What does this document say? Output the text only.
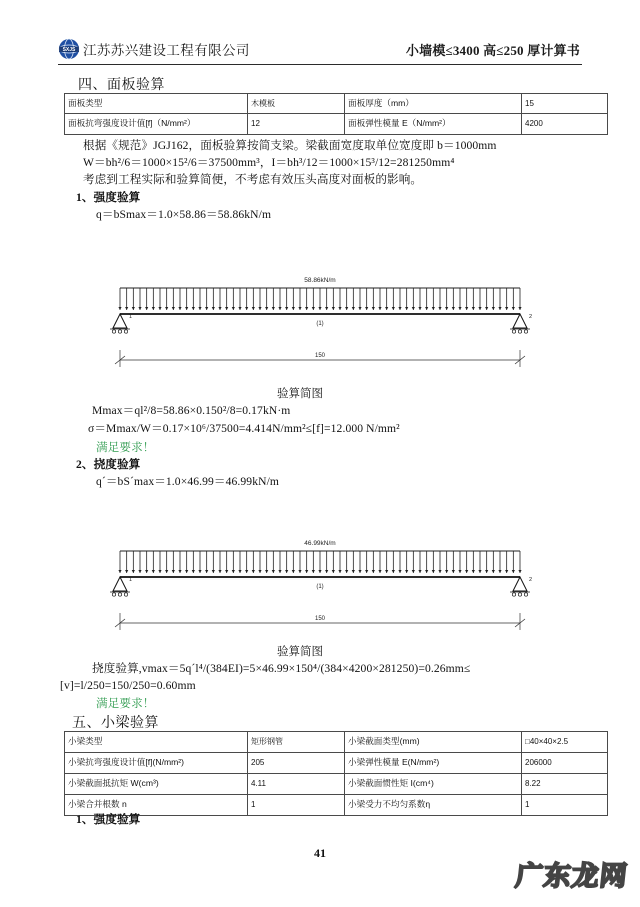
SXJS 江苏苏兴建设工程有限公司	小墙模≤3400 高≤250 厚计算书
四、面板验算
面板类型	木模板	面板厚度（mm）	15
面板抗弯强度设计值[f]（N/mm²）	12	面板弹性模量 E（N/mm²）	4200
根据《规范》JGJ162，面板验算按简支梁。梁截面宽度取单位宽度即 b＝1000mm
W＝bh²/6＝1000×15²/6＝37500mm³，I＝bh³/12＝1000×15³/12=281250mm⁴
考虑到工程实际和验算简便，不考虑有效压头高度对面板的影响。
1、强度验算
q＝bSmax＝1.0×58.86＝58.86kN/m
58.86kN/m
(1)
1	2
150
验算简图
Mmax＝ql²/8=58.86×0.150²/8=0.17kN·m
σ＝Mmax/W＝0.17×10⁶/37500=4.414N/mm²≤[f]=12.000 N/mm²
满足要求！
2、挠度验算
q´＝bS´max＝1.0×46.99＝46.99kN/m
46.99kN/m
(1)
1	2
150
验算简图
挠度验算,vmax＝5q´l⁴/(384EI)=5×46.99×150⁴/(384×4200×281250)=0.26mm≤
[v]=l/250=150/250=0.60mm
满足要求！
五、小梁验算
小梁类型	矩形钢管	小梁截面类型(mm)	□40×40×2.5
小梁抗弯强度设计值[f](N/mm²)	205	小梁弹性模量 E(N/mm²)	206000
小梁截面抵抗矩 W(cm³)	4.11	小梁截面惯性矩 I(cm⁴)	8.22
小梁合并根数 n	1	小梁受力不均匀系数η	1
1、强度验算
41
广东龙网
